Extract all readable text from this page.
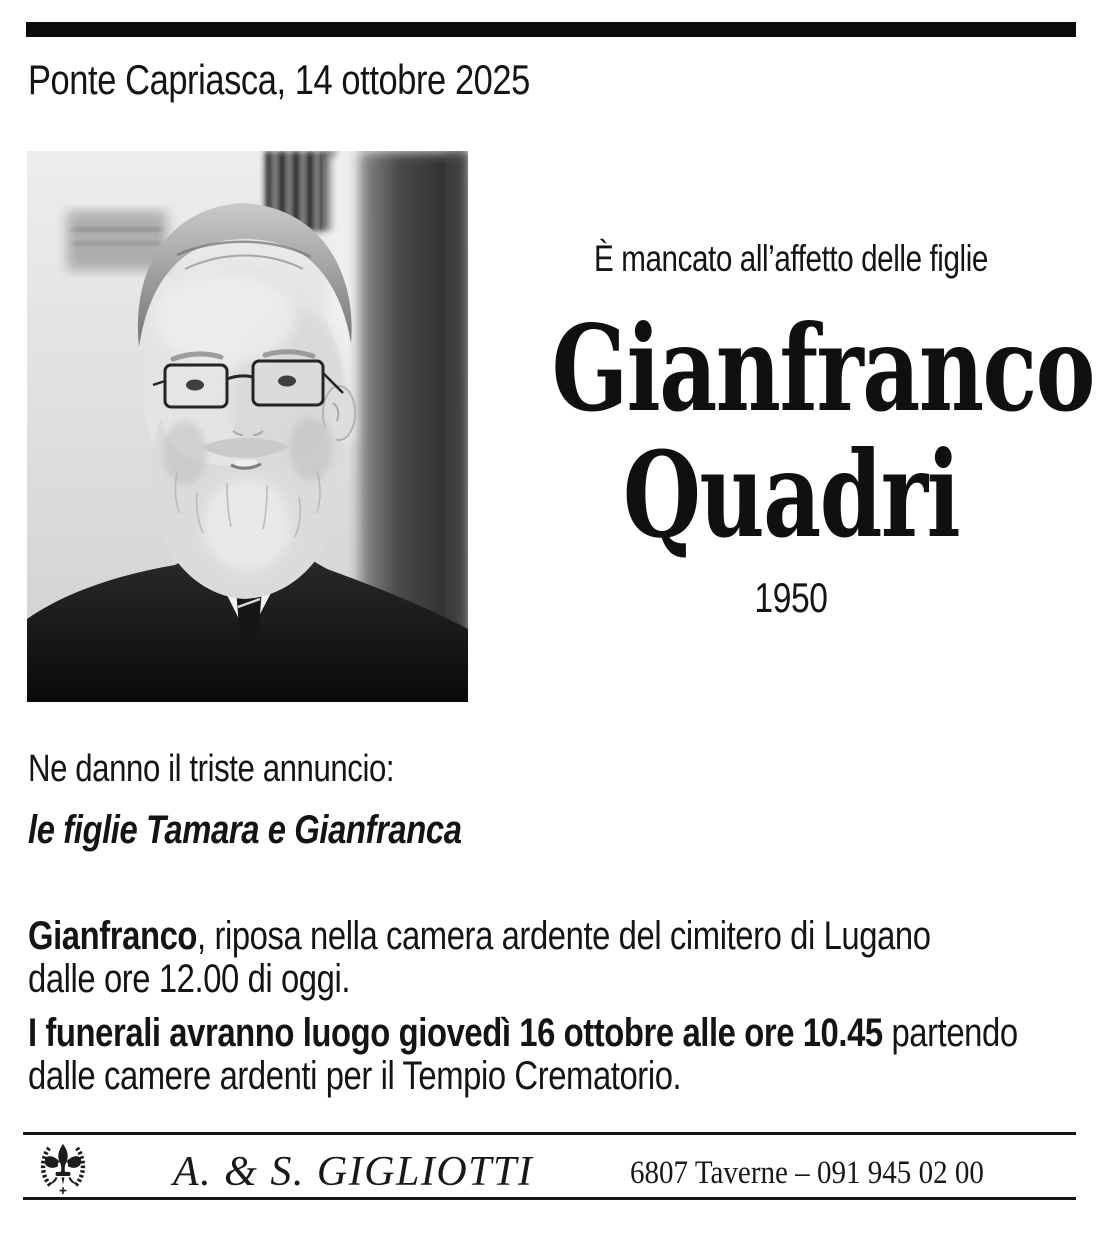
Ponte Capriasca, 14 ottobre 2025
È mancato all’affetto delle figlie
Gianfranco
Quadri
1950
Ne danno il triste annuncio:
le figlie Tamara e Gianfranca
Gianfranco, riposa nella camera ardente del cimitero di Lugano
dalle ore 12.00 di oggi.
I funerali avranno luogo giovedì 16 ottobre alle ore 10.45 partendo
dalle camere ardenti per il Tempio Crematorio.
A. & S. GIGLIOTTI	6807 Taverne – 091 945 02 00
